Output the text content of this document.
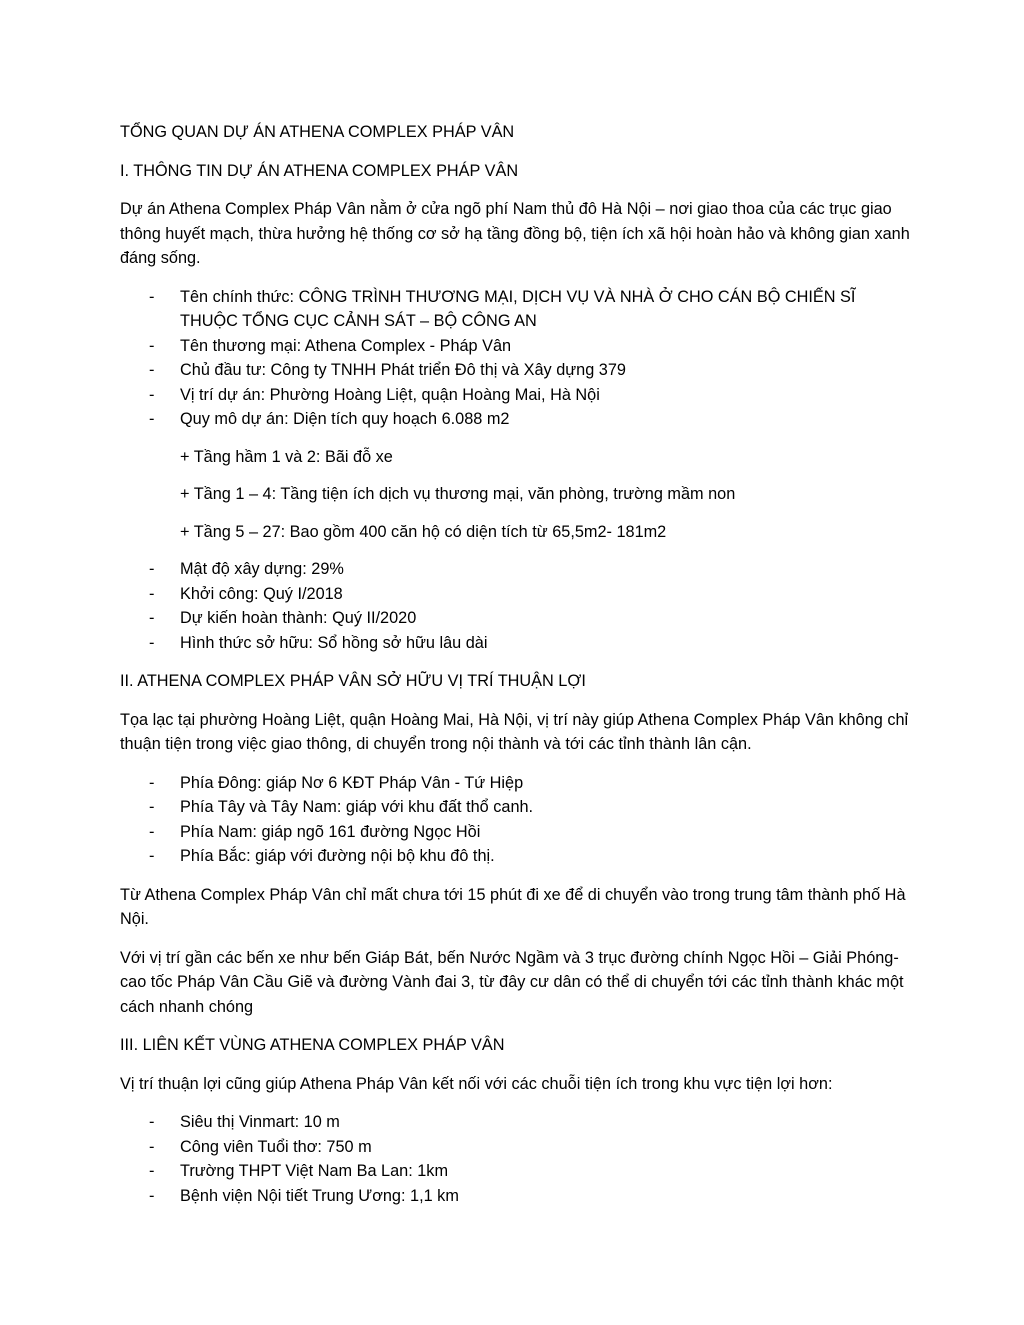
TỔNG QUAN DỰ ÁN ATHENA COMPLEX PHÁP VÂN

I. THÔNG TIN DỰ ÁN ATHENA COMPLEX PHÁP VÂN

Dự án Athena Complex Pháp Vân nằm ở cửa ngõ phí Nam thủ đô Hà Nội – nơi giao thoa của các trục giao thông huyết mạch, thừa hưởng hệ thống cơ sở hạ tầng đồng bộ, tiện ích xã hội hoàn hảo và không gian xanh đáng sống.

- Tên chính thức: CÔNG TRÌNH THƯƠNG MẠI, DỊCH VỤ VÀ NHÀ Ở CHO CÁN BỘ CHIẾN SĨ THUỘC TỔNG CỤC CẢNH SÁT – BỘ CÔNG AN
- Tên thương mại: Athena Complex - Pháp Vân
- Chủ đầu tư: Công ty TNHH Phát triển Đô thị và Xây dựng 379
- Vị trí dự án: Phường Hoàng Liệt, quận Hoàng Mai, Hà Nội
- Quy mô dự án: Diện tích quy hoạch 6.088 m2

+ Tầng hầm 1 và 2: Bãi đỗ xe

+ Tầng 1 – 4: Tầng tiện ích dịch vụ thương mại, văn phòng, trường mầm non

+ Tầng 5 – 27: Bao gồm 400 căn hộ có diện tích từ 65,5m2- 181m2

- Mật độ xây dựng: 29%
- Khởi công: Quý I/2018
- Dự kiến hoàn thành: Quý II/2020
- Hình thức sở hữu: Sổ hồng sở hữu lâu dài

II. ATHENA COMPLEX PHÁP VÂN SỞ HỮU VỊ TRÍ THUẬN LỢI

Tọa lạc tại phường Hoàng Liệt, quận Hoàng Mai, Hà Nội, vị trí này giúp Athena Complex Pháp Vân không chỉ thuận tiện trong việc giao thông, di chuyển trong nội thành và tới các tỉnh thành lân cận.

- Phía Đông: giáp Nơ 6 KĐT Pháp Vân - Tứ Hiệp
- Phía Tây và Tây Nam: giáp với khu đất thổ canh.
- Phía Nam: giáp ngõ 161 đường Ngọc Hồi
- Phía Bắc: giáp với đường nội bộ khu đô thị.

Từ Athena Complex Pháp Vân chỉ mất chưa tới 15 phút đi xe để di chuyển vào trong trung tâm thành phố Hà Nội.

Với vị trí gần các bến xe như bến Giáp Bát, bến Nước Ngầm và 3 trục đường chính Ngọc Hồi – Giải Phóng- cao tốc Pháp Vân Cầu Giẽ và đường Vành đai 3, từ đây cư dân có thể di chuyển tới các tỉnh thành khác một cách nhanh chóng

III. LIÊN KẾT VÙNG ATHENA COMPLEX PHÁP VÂN

Vị trí thuận lợi cũng giúp Athena Pháp Vân kết nối với các chuỗi tiện ích trong khu vực tiện lợi hơn:

- Siêu thị Vinmart: 10 m
- Công viên Tuổi thơ: 750 m
- Trường THPT Việt Nam Ba Lan: 1km
- Bệnh viện Nội tiết Trung Ương: 1,1 km
